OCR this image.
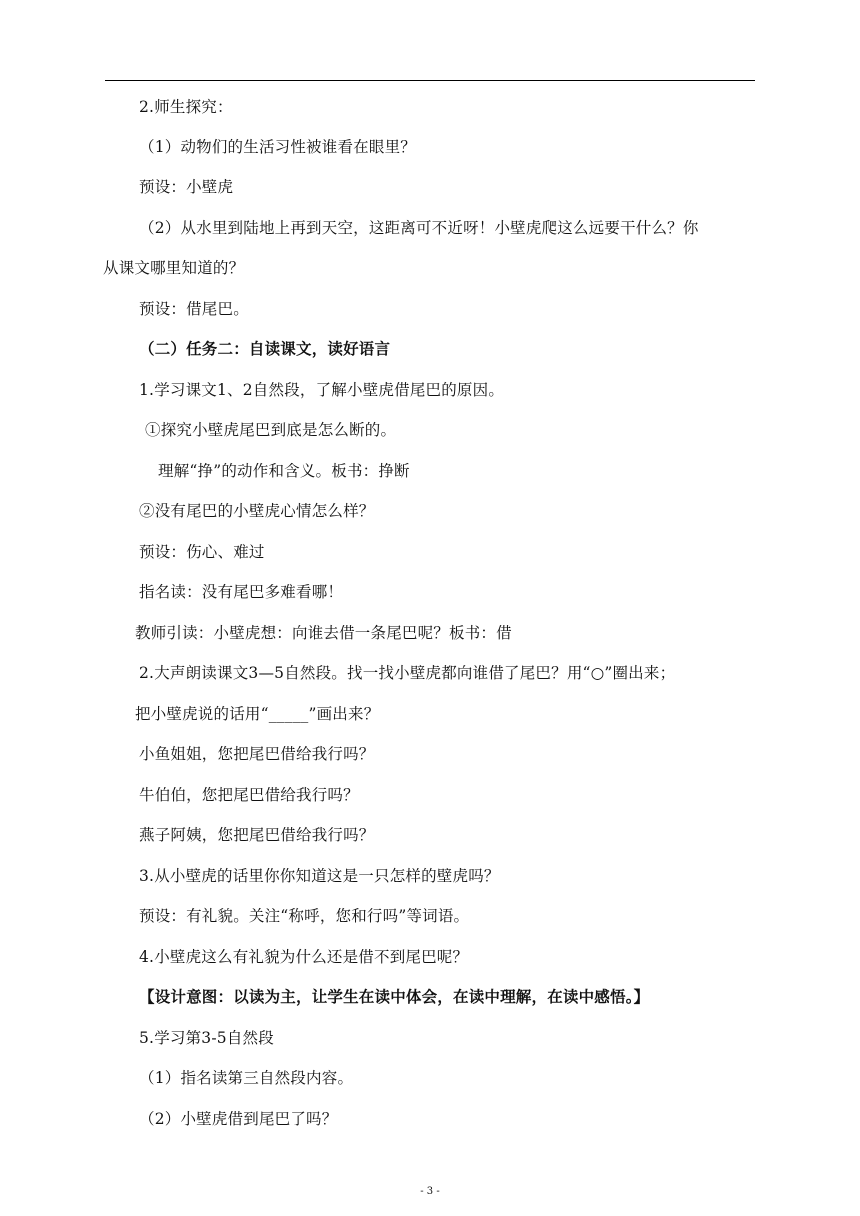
2.师生探究：
（1）动物们的生活习性被谁看在眼里？
预设：小壁虎
（2）从水里到陆地上再到天空，这距离可不近呀！小壁虎爬这么远要干什么？你
从课文哪里知道的？
预设：借尾巴。
（二）任务二：自读课文，读好语言
1.学习课文1、2自然段，了解小壁虎借尾巴的原因。
①探究小壁虎尾巴到底是怎么断的。
理解“挣”的动作和含义。板书：挣断
②没有尾巴的小壁虎心情怎么样？
预设：伤心、难过
指名读：没有尾巴多难看哪！
教师引读：小壁虎想：向谁去借一条尾巴呢？板书：借
2.大声朗读课文3—5自然段。找一找小壁虎都向谁借了尾巴？用“○”圈出来；
把小壁虎说的话用“_____”画出来？
小鱼姐姐，您把尾巴借给我行吗？
牛伯伯，您把尾巴借给我行吗？
燕子阿姨，您把尾巴借给我行吗？
3.从小壁虎的话里你你知道这是一只怎样的壁虎吗？
预设：有礼貌。关注“称呼，您和行吗”等词语。
4.小壁虎这么有礼貌为什么还是借不到尾巴呢？
【设计意图：以读为主，让学生在读中体会，在读中理解，在读中感悟。】
5.学习第3-5自然段
（1）指名读第三自然段内容。
（2）小壁虎借到尾巴了吗？
- 3 -
